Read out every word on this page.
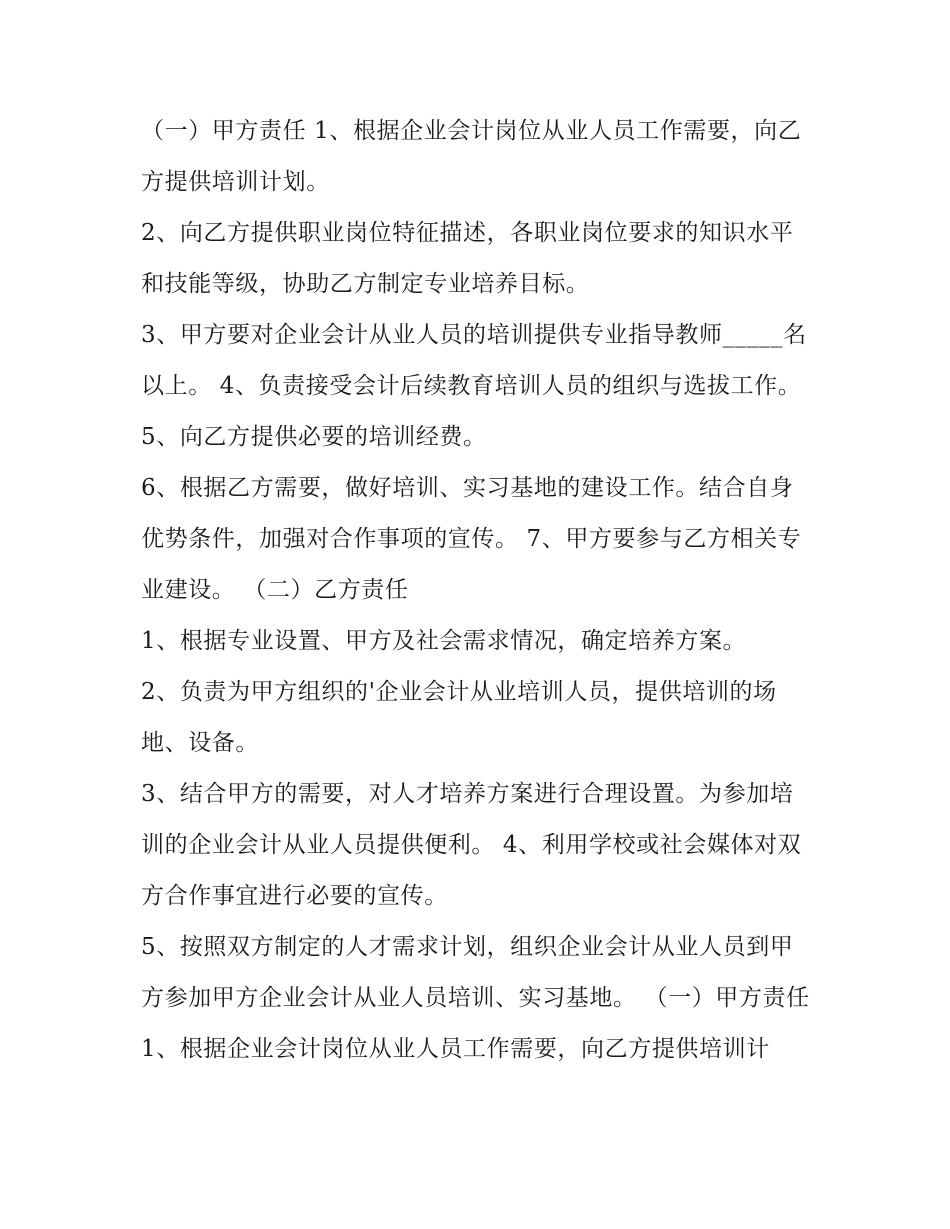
（一）甲方责任 1、根据企业会计岗位从业人员工作需要，向乙方提供培训计划。

2、向乙方提供职业岗位特征描述，各职业岗位要求的知识水平和技能等级，协助乙方制定专业培养目标。

3、甲方要对企业会计从业人员的培训提供专业指导教师_____名以上。 4、负责接受会计后续教育培训人员的组织与选拔工作。 5、向乙方提供必要的培训经费。

6、根据乙方需要，做好培训、实习基地的建设工作。结合自身优势条件，加强对合作事项的宣传。 7、甲方要参与乙方相关专业建设。 （二）乙方责任

1、根据专业设置、甲方及社会需求情况，确定培养方案。

2、负责为甲方组织的'企业会计从业培训人员，提供培训的场地、设备。

3、结合甲方的需要，对人才培养方案进行合理设置。为参加培训的企业会计从业人员提供便利。 4、利用学校或社会媒体对双方合作事宜进行必要的宣传。

5、按照双方制定的人才需求计划，组织企业会计从业人员到甲方参加甲方企业会计从业人员培训、实习基地。 （一）甲方责任

1、根据企业会计岗位从业人员工作需要，向乙方提供培训计
